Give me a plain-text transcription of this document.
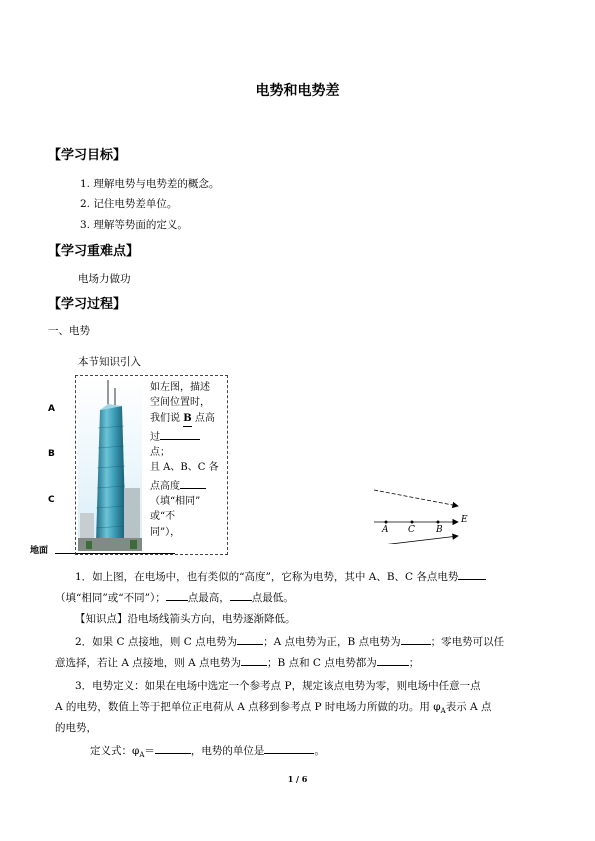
电势和电势差
【学习目标】
1. 理解电势与电势差的概念。
2. 记住电势差单位。
3. 理解等势面的定义。
【学习重难点】
电场力做功
【学习过程】
一、电势
本节知识引入
A
B
C
地面
如左图，描述
空间位置时，
我们说 B 点高
过
点；
且 A、B、C 各
点高度
（填“相同”
或“不
同”），	A C B
E
1．如上图，在电场中，也有类似的“高度”，它称为电势，其中 A、B、C 各点电势
（填“相同”或“不同”）； 点最高， 点最低。
【知识点】沿电场线箭头方向，电势逐渐降低。
2．如果 C 点接地，则 C 点电势为 ；A 点电势为正，B 点电势为	；零电势可以任
意选择，若让 A 点接地，则 A 点电势为 ；B 点和 C 点电势都为	；
3．电势定义：如果在电场中选定一个参考点 P，规定该点电势为零，则电场中任意一点
A 的电势，数值上等于把单位正电荷从 A 点移到参考点 P 时电场力所做的功。用 $\varphi_A$表示 A 点
的电势，
定义式：$\varphi_A=$	，电势的单位是	。
1 / 6
